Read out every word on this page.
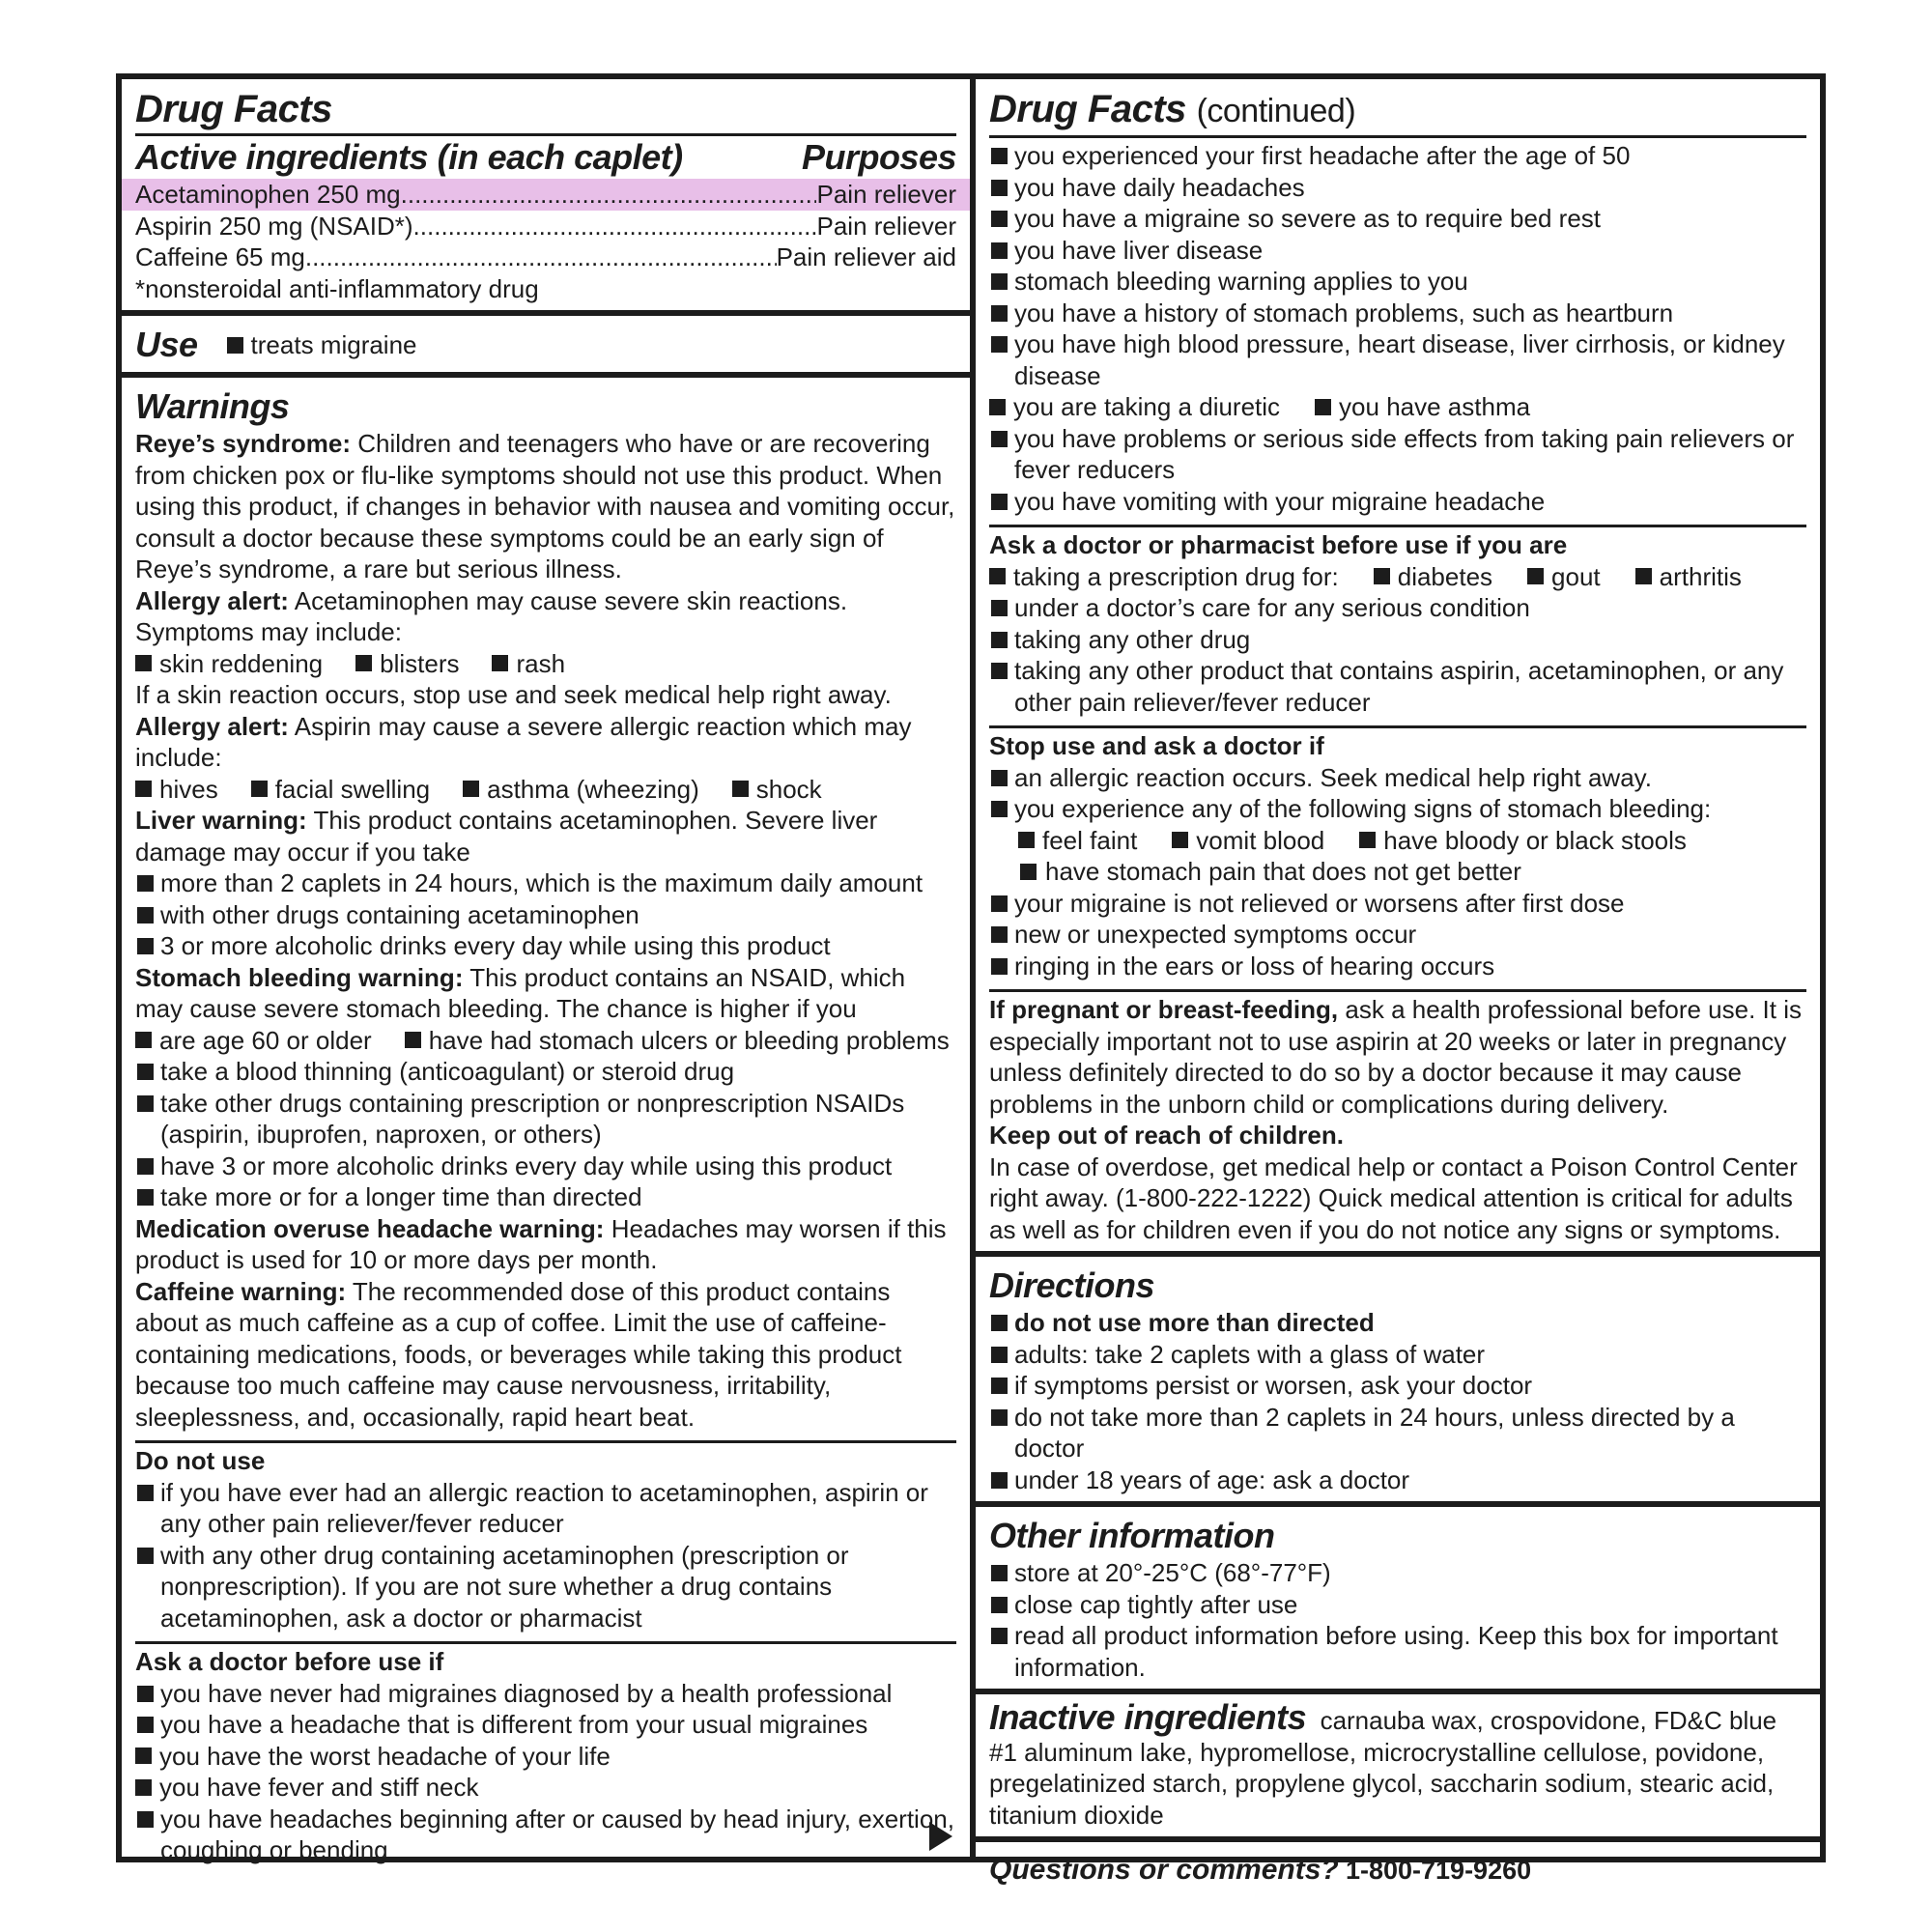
Drug Facts
Active ingredients (in each caplet)	Purposes
Acetaminophen 250 mg .....	Pain reliever
Aspirin 250 mg (NSAID*) .....	Pain reliever
Caffeine 65 mg .....	Pain reliever aid

*nonsteroidal anti-inflammatory drug

Use treats migraine
Warnings

Reye’s syndrome: Children and teenagers who have or are recovering from chicken pox or flu-like symptoms should not use this product. When using this product, if changes in behavior with nausea and vomiting occur, consult a doctor because these symptoms could be an early sign of Reye’s syndrome, a rare but serious illness.

Allergy alert: Acetaminophen may cause severe skin reactions. Symptoms may include:

skin reddening blisters rash

If a skin reaction occurs, stop use and seek medical help right away.

Allergy alert: Aspirin may cause a severe allergic reaction which may include:

hives facial swelling asthma (wheezing) shock

Liver warning: This product contains acetaminophen. Severe liver damage may occur if you take

more than 2 caplets in 24 hours, which is the maximum daily amount
with other drugs containing acetaminophen
3 or more alcoholic drinks every day while using this product

Stomach bleeding warning: This product contains an NSAID, which may cause severe stomach bleeding. The chance is higher if you

are age 60 or older have had stomach ulcers or bleeding problems
take a blood thinning (anticoagulant) or steroid drug
take other drugs containing prescription or nonprescription NSAIDs (aspirin, ibuprofen, naproxen, or others)
have 3 or more alcoholic drinks every day while using this product
take more or for a longer time than directed

Medication overuse headache warning: Headaches may worsen if this product is used for 10 or more days per month.

Caffeine warning: The recommended dose of this product contains about as much caffeine as a cup of coffee. Limit the use of caffeine-containing medications, foods, or beverages while taking this product because too much caffeine may cause nervousness, irritability, sleeplessness, and, occasionally, rapid heart beat.

Do not use

if you have ever had an allergic reaction to acetaminophen, aspirin or any other pain reliever/fever reducer
with any other drug containing acetaminophen (prescription or nonprescription). If you are not sure whether a drug contains acetaminophen, ask a doctor or pharmacist

Ask a doctor before use if

you have never had migraines diagnosed by a health professional
you have a headache that is different from your usual migraines
you have the worst headache of your life
you have fever and stiff neck
you have headaches beginning after or caused by head injury, exertion, coughing or bending
Drug Facts (continued)
you experienced your first headache after the age of 50
you have daily headaches
you have a migraine so severe as to require bed rest
you have liver disease
stomach bleeding warning applies to you
you have a history of stomach problems, such as heartburn
you have high blood pressure, heart disease, liver cirrhosis, or kidney disease
you are taking a diuretic you have asthma
you have problems or serious side effects from taking pain relievers or fever reducers
you have vomiting with your migraine headache

Ask a doctor or pharmacist before use if you are

taking a prescription drug for: diabetes gout arthritis
under a doctor’s care for any serious condition
taking any other drug
taking any other product that contains aspirin, acetaminophen, or any other pain reliever/fever reducer

Stop use and ask a doctor if

an allergic reaction occurs. Seek medical help right away.
you experience any of the following signs of stomach bleeding:
feel faint vomit blood have bloody or black stools
have stomach pain that does not get better
your migraine is not relieved or worsens after first dose
new or unexpected symptoms occur
ringing in the ears or loss of hearing occurs

If pregnant or breast-feeding, ask a health professional before use. It is especially important not to use aspirin at 20 weeks or later in pregnancy unless definitely directed to do so by a doctor because it may cause problems in the unborn child or complications during delivery.

Keep out of reach of children.

In case of overdose, get medical help or contact a Poison Control Center right away. (1-800-222-1222) Quick medical attention is critical for adults as well as for children even if you do not notice any signs or symptoms.

Directions
do not use more than directed
adults: take 2 caplets with a glass of water
if symptoms persist or worsen, ask your doctor
do not take more than 2 caplets in 24 hours, unless directed by a doctor
under 18 years of age: ask a doctor
Other information
store at 20°-25°C (68°-77°F)
close cap tightly after use
read all product information before using. Keep this box for important information.

Inactive ingredients carnauba wax, crospovidone, FD&C blue #1 aluminum lake, hypromellose, microcrystalline cellulose, povidone, pregelatinized starch, propylene glycol, saccharin sodium, stearic acid, titanium dioxide

Questions or comments? 1-800-719-9260
